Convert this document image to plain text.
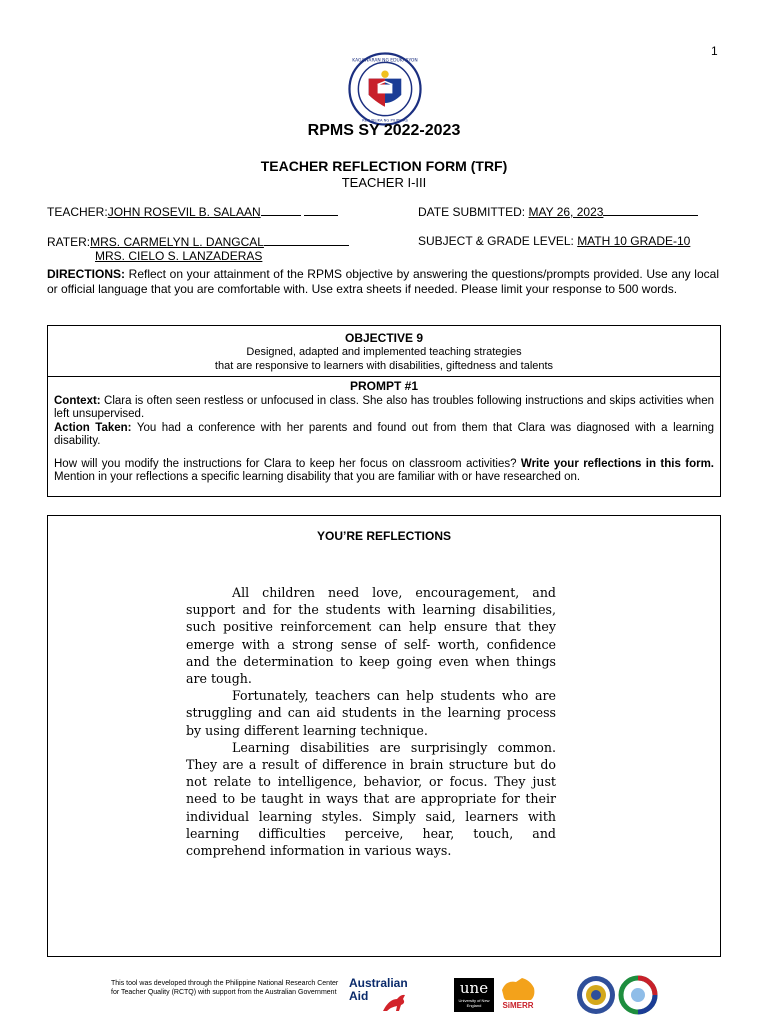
1
KAGAWARAN NG EDUKASYON
REPUBLIKA NG PILIPINAS
RPMS SY 2022-2023
TEACHER REFLECTION FORM (TRF)
TEACHER I-III
TEACHER:JOHN ROSEVIL B. SALAAN	DATE SUBMITTED: MAY 26, 2023
RATER:MRS. CARMELYN L. DANGCAL
MRS. CIELO S. LANZADERAS
SUBJECT & GRADE LEVEL: MATH 10 GRADE-10
DIRECTIONS: Reflect on your attainment of the RPMS objective by answering the questions/prompts provided. Use any local or official language that you are comfortable with. Use extra sheets if needed. Please limit your response to 500 words.
OBJECTIVE 9
Designed, adapted and implemented teaching strategies
that are responsive to learners with disabilities, giftedness and talents
PROMPT #1

Context: Clara is often seen restless or unfocused in class. She also has troubles following instructions and skips activities when left unsupervised.

Action Taken: You had a conference with her parents and found out from them that Clara was diagnosed with a learning disability.

How will you modify the instructions for Clara to keep her focus on classroom activities? Write your reflections in this form. Mention in your reflections a specific learning disability that you are familiar with or have researched on.

YOU’RE REFLECTIONS

All children need love, encouragement, and support and for the students with learning disabilities, such positive reinforcement can help ensure that they emerge with a strong sense of self- worth, confidence and the determination to keep going even when things are tough.

Fortunately, teachers can help students who are struggling and can aid students in the learning process by using different learning technique.

Learning disabilities are surprisingly common. They are a result of difference in brain structure but do not relate to intelligence, behavior, or focus. They just need to be taught in ways that are appropriate for their individual learning styles. Simply said, learners with learning difficulties perceive, hear, touch, and comprehend information in various ways.

This tool was developed through the Philippine National Research Center for Teacher Quality (RCTQ) with support from the Australian Government
Australian
Aid	une
University of New England	SiMERR
